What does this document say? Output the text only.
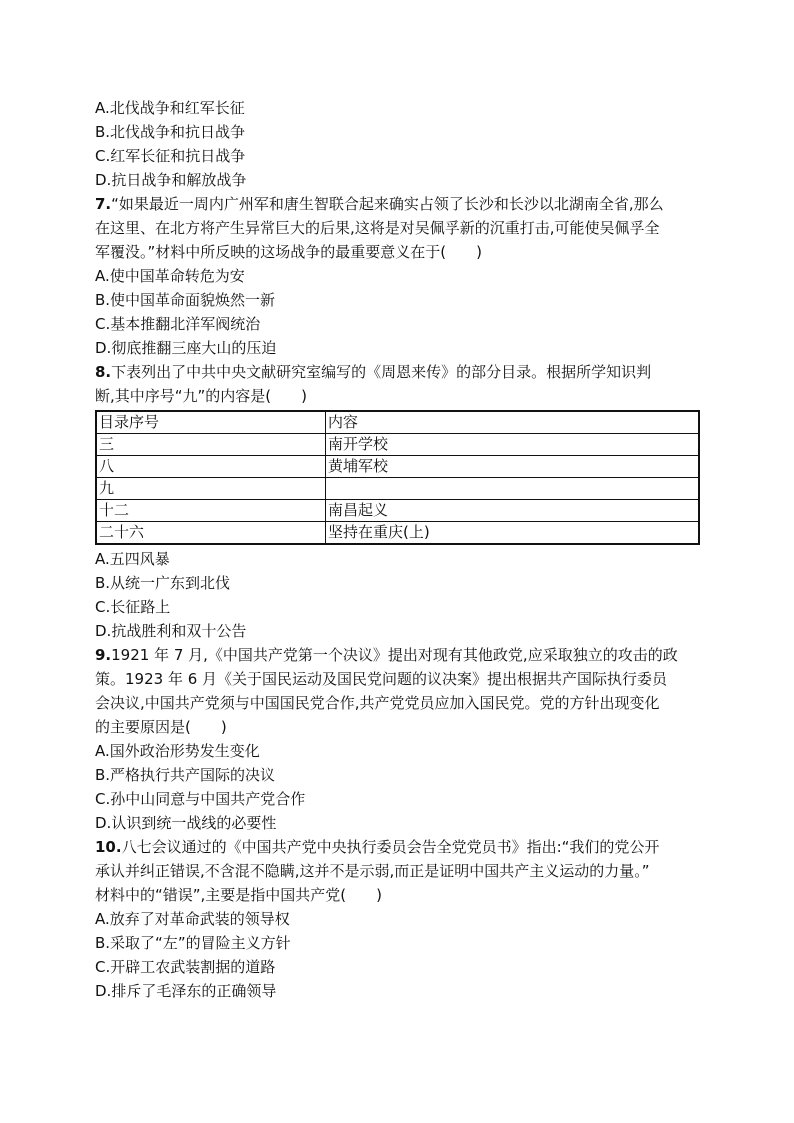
A.北伐战争和红军长征
B.北伐战争和抗日战争
C.红军长征和抗日战争
D.抗日战争和解放战争
7.“如果最近一周内广州军和唐生智联合起来确实占领了长沙和长沙以北湖南全省,那么
在这里、在北方将产生异常巨大的后果,这将是对吴佩孚新的沉重打击,可能使吴佩孚全
军覆没。”材料中所反映的这场战争的最重要意义在于(　　)
A.使中国革命转危为安
B.使中国革命面貌焕然一新
C.基本推翻北洋军阀统治
D.彻底推翻三座大山的压迫
8.下表列出了中共中央文献研究室编写的《周恩来传》的部分目录。根据所学知识判
断,其中序号“九”的内容是(　　)
目录序号	内容
三	南开学校
八	黄埔军校
九	
十二	南昌起义
二十六	坚持在重庆(上)
A.五四风暴
B.从统一广东到北伐
C.长征路上
D.抗战胜利和双十公告
9.1921 年 7 月,《中国共产党第一个决议》提出对现有其他政党,应采取独立的攻击的政
策。1923 年 6 月《关于国民运动及国民党问题的议决案》提出根据共产国际执行委员
会决议,中国共产党须与中国国民党合作,共产党党员应加入国民党。党的方针出现变化
的主要原因是(　　)
A.国外政治形势发生变化
B.严格执行共产国际的决议
C.孙中山同意与中国共产党合作
D.认识到统一战线的必要性
10.八七会议通过的《中国共产党中央执行委员会告全党党员书》指出:“我们的党公开
承认并纠正错误,不含混不隐瞒,这并不是示弱,而正是证明中国共产主义运动的力量。”
材料中的“错误”,主要是指中国共产党(　　)
A.放弃了对革命武装的领导权
B.采取了“左”的冒险主义方针
C.开辟工农武装割据的道路
D.排斥了毛泽东的正确领导
